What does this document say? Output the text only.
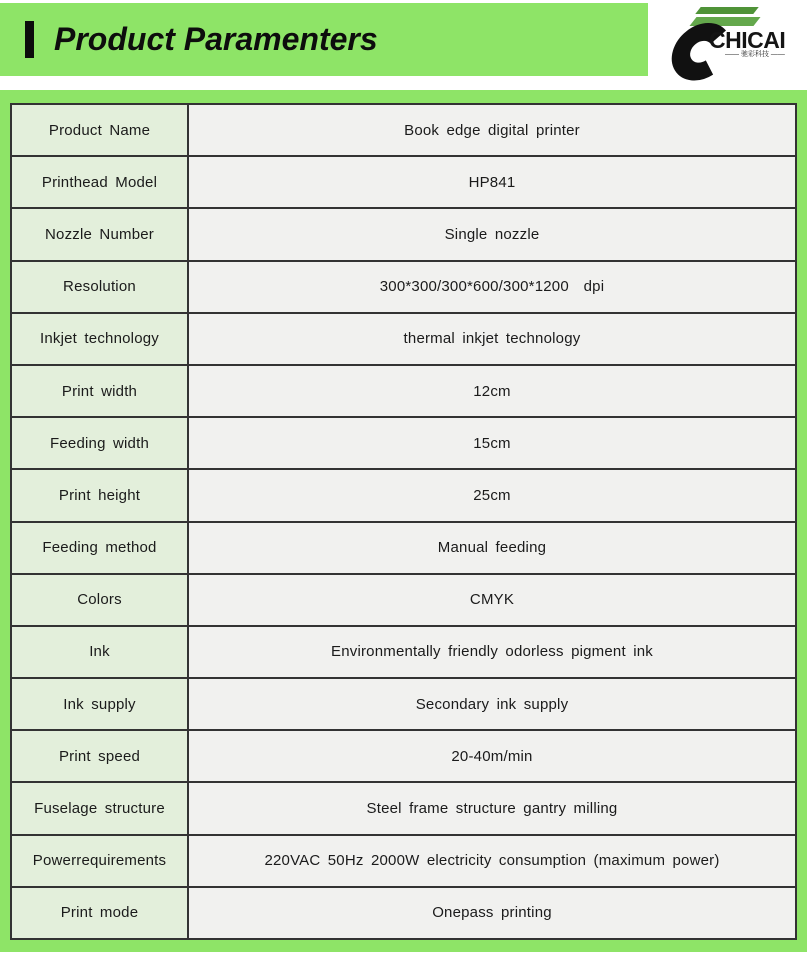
Product Paramenters	CHICAI
—— 驰彩科技 ——
Product Name	Book edge digital printer
Printhead Model	HP841
Nozzle Number	Single nozzle
Resolution	300*300/300*600/300*1200  dpi
Inkjet technology	thermal inkjet technology
Print width	12cm
Feeding width	15cm
Print height	25cm
Feeding method	Manual feeding
Colors	CMYK
Ink	Environmentally friendly odorless pigment ink
Ink supply	Secondary ink supply
Print speed	20-40m/min
Fuselage structure	Steel frame structure gantry milling
Powerrequirements	220VAC 50Hz 2000W electricity consumption (maximum power)
Print mode	Onepass printing
